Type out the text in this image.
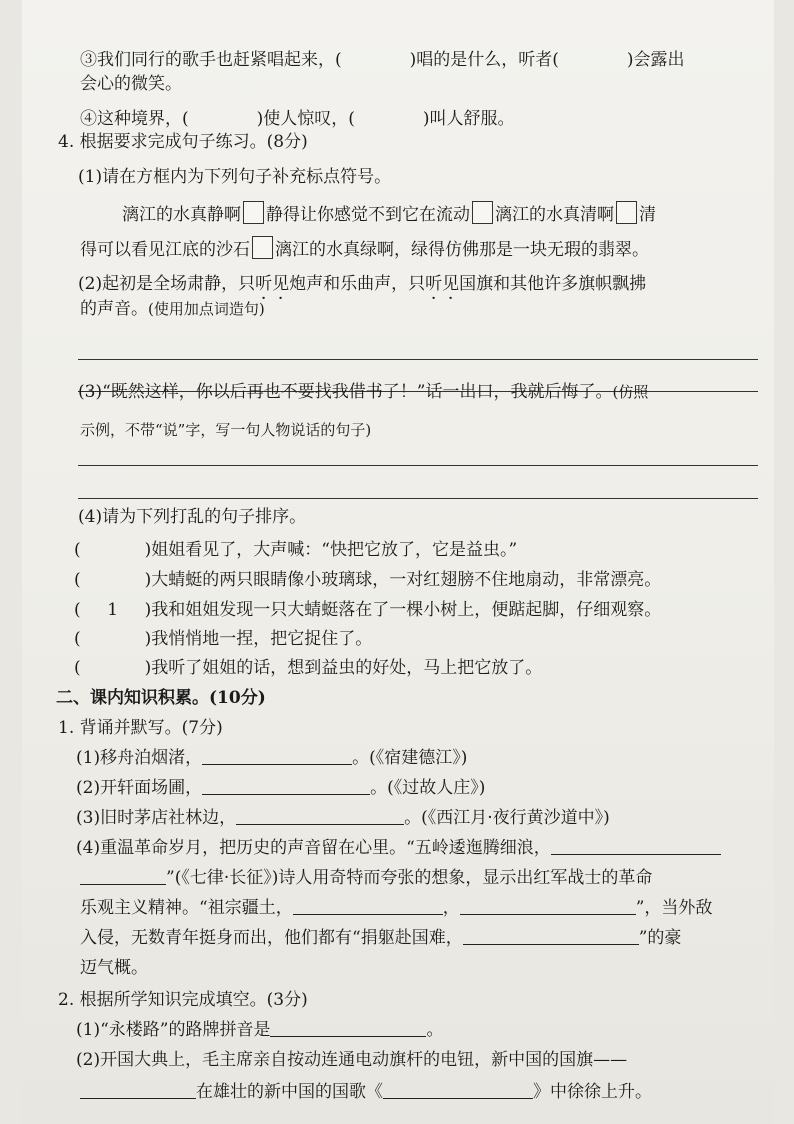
③我们同行的歌手也赶紧唱起来，(　　　　)唱的是什么，听者(　　　　)会露出
会心的微笑。
④这种境界，(　　　　)使人惊叹，(　　　　)叫人舒服。
4. 根据要求完成句子练习。(8分)
(1)请在方框内为下列句子补充标点符号。
漓江的水真静啊 静得让你感觉不到它在流动 漓江的水真清啊 清
得可以看见江底的沙石 漓江的水真绿啊，绿得仿佛那是一块无瑕的翡翠。
(2)起初是全场肃静，只听见炮声和乐曲声，只听见国旗和其他许多旗帜飘拂
的声音。(使用加点词造句)
(3)“既然这样，你以后再也不要找我借书了！”话一出口，我就后悔了。(仿照
示例，不带“说”字，写一句人物说话的句子)
(4)请为下列打乱的句子排序。
(	)姐姐看见了，大声喊：“快把它放了，它是益虫。”
(	)大蜻蜓的两只眼睛像小玻璃球，一对红翅膀不住地扇动，非常漂亮。
( 1 )我和姐姐发现一只大蜻蜓落在了一棵小树上，便踮起脚，仔细观察。
(	)我悄悄地一捏，把它捉住了。
(	)我听了姐姐的话，想到益虫的好处，马上把它放了。
二、课内知识积累。(10分)
1. 背诵并默写。(7分)
(1)移舟泊烟渚，	。(《宿建德江》)
(2)开轩面场圃，	。(《过故人庄》)
(3)旧时茅店社林边，	。(《西江月·夜行黄沙道中》)
(4)重温革命岁月，把历史的声音留在心里。“五岭逶迤腾细浪，
”(《七律·长征》)诗人用奇特而夸张的想象，显示出红军战士的革命
乐观主义精神。“祖宗疆土，	，	”，当外敌
入侵，无数青年挺身而出，他们都有“捐躯赴国难，	”的豪
迈气概。
2. 根据所学知识完成填空。(3分)
(1)“永楼路”的路牌拼音是	。
(2)开国大典上，毛主席亲自按动连通电动旗杆的电钮，新中国的国旗——
在雄壮的新中国的国歌《	》中徐徐上升。
